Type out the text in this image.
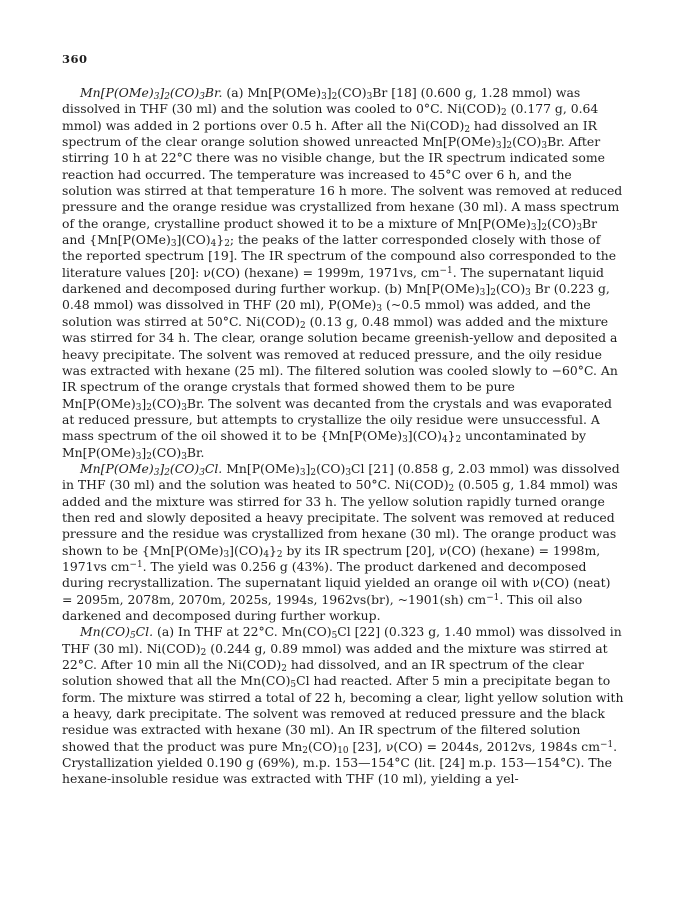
360

$Mn[P(OMe)_3]_2(CO)_3Br$. (a) $Mn[P(OMe)_3]_2(CO)_3Br$ [18] (0.600 g, 1.28 mmol) was dissolved in THF (30 ml) and the solution was cooled to 0°C. $Ni(COD)_2$ (0.177 g, 0.64 mmol) was added in 2 portions over 0.5 h. After all the $Ni(COD)_2$ had dissolved an IR spectrum of the clear orange solution showed unreacted $Mn[P(OMe)_3]_2(CO)_3Br$. After stirring 10 h at 22°C there was no visible change, but the IR spectrum indicated some reaction had occurred. The temperature was increased to 45°C over 6 h, and the solution was stirred at that temperature 16 h more. The solvent was removed at reduced pressure and the orange residue was crystallized from hexane (30 ml). A mass spectrum of the orange, crystalline product showed it to be a mixture of $Mn[P(OMe)_3]_2(CO)_3Br$ and $\{Mn[P(OMe)_3](CO)_4\}_2$; the peaks of the latter corresponded closely with those of the reported spectrum [19]. The IR spectrum of the compound also corresponded to the literature values [20]: ν(CO) (hexane) = 1999m, 1971vs, $cm^{-1}$. The supernatant liquid darkened and decomposed during further workup. (b) $Mn[P(OMe)_3]_2(CO)_3$ Br (0.223 g, 0.48 mmol) was dissolved in THF (20 ml), $P(OMe)_3$ (~0.5 mmol) was added, and the solution was stirred at 50°C. $Ni(COD)_2$ (0.13 g, 0.48 mmol) was added and the mixture was stirred for 34 h. The clear, orange solution became greenish-yellow and deposited a heavy precipitate. The solvent was removed at reduced pressure, and the oily residue was extracted with hexane (25 ml). The filtered solution was cooled slowly to −60°C. An IR spectrum of the orange crystals that formed showed them to be pure $Mn[P(OMe)_3]_2(CO)_3Br$. The solvent was decanted from the crystals and was evaporated at reduced pressure, but attempts to crystallize the oily residue were unsuccessful. A mass spectrum of the oil showed it to be $\{Mn[P(OMe)_3](CO)_4\}_2$ uncontaminated by $Mn[P(OMe)_3]_2(CO)_3Br$.

$Mn[P(OMe)_3]_2(CO)_3Cl$. $Mn[P(OMe)_3]_2(CO)_3Cl$ [21] (0.858 g, 2.03 mmol) was dissolved in THF (30 ml) and the solution was heated to 50°C. $Ni(COD)_2$ (0.505 g, 1.84 mmol) was added and the mixture was stirred for 33 h. The yellow solution rapidly turned orange then red and slowly deposited a heavy precipitate. The solvent was removed at reduced pressure and the residue was crystallized from hexane (30 ml). The orange product was shown to be $\{Mn[P(OMe)_3](CO)_4\}_2$ by its IR spectrum [20], ν(CO) (hexane) = 1998m, 1971vs $cm^{-1}$. The yield was 0.256 g (43%). The product darkened and decomposed during recrystallization. The supernatant liquid yielded an orange oil with ν(CO) (neat) = 2095m, 2078m, 2070m, 2025s, 1994s, 1962vs(br), ~1901(sh) $cm^{-1}$. This oil also darkened and decomposed during further workup.

$Mn(CO)_5Cl$. (a) In THF at 22°C. $Mn(CO)_5Cl$ [22] (0.323 g, 1.40 mmol) was dissolved in THF (30 ml). $Ni(COD)_2$ (0.244 g, 0.89 mmol) was added and the mixture was stirred at 22°C. After 10 min all the $Ni(COD)_2$ had dissolved, and an IR spectrum of the clear solution showed that all the $Mn(CO)_5Cl$ had reacted. After 5 min a precipitate began to form. The mixture was stirred a total of 22 h, becoming a clear, light yellow solution with a heavy, dark precipitate. The solvent was removed at reduced pressure and the black residue was extracted with hexane (30 ml). An IR spectrum of the filtered solution showed that the product was pure $Mn_2(CO)_{10}$ [23], ν(CO) = 2044s, 2012vs, 1984s $cm^{-1}$. Crystallization yielded 0.190 g (69%), m.p. 153—154°C (lit. [24] m.p. 153—154°C). The hexane-insoluble residue was extracted with THF (10 ml), yielding a yel-
